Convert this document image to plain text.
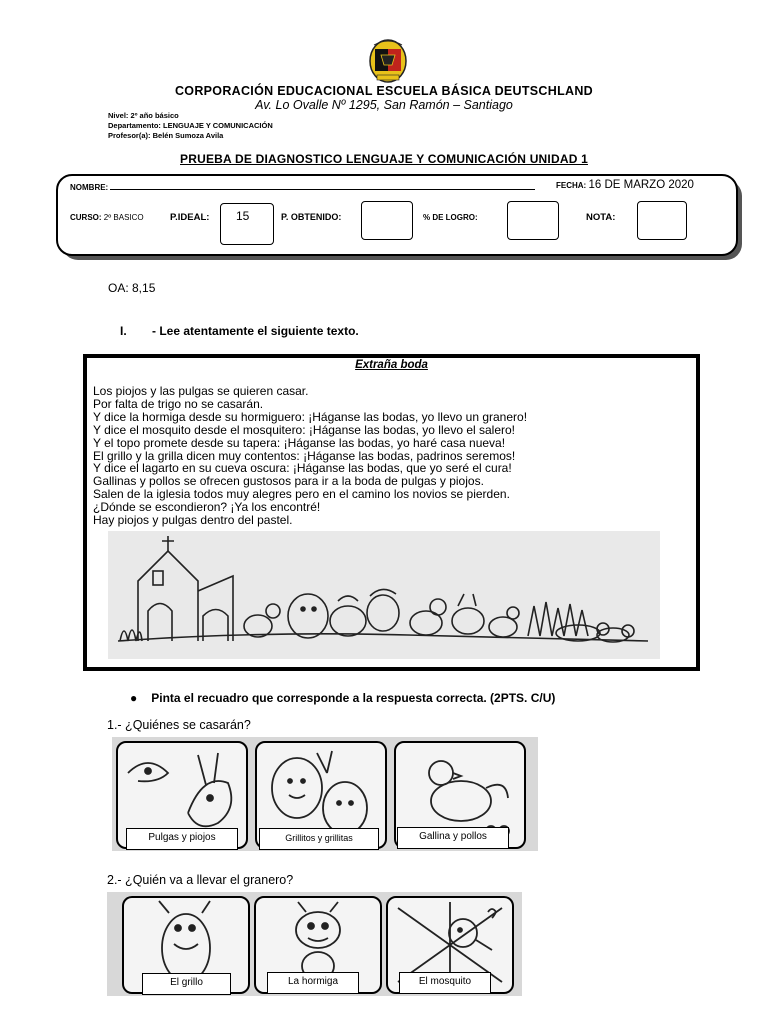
CORPORACIÓN EDUCACIONAL ESCUELA BÁSICA DEUTSCHLAND
Av. Lo Ovalle Nº 1295, San Ramón – Santiago
Nivel: 2º año básico
Departamento: LENGUAJE Y COMUNICACIÓN
Profesor(a): Belén Sumoza Avila
PRUEBA DE DIAGNOSTICO LENGUAJE Y COMUNICACIÓN UNIDAD 1
NOMBRE:	FECHA: 16 DE MARZO 2020
CURSO: 2º BASICO	P.IDEAL: 15	P. OBTENIDO:	% DE LOGRO:	NOTA:
OA: 8,15
I. - Lee atentamente el siguiente texto.
Extraña boda
Los piojos y las pulgas se quieren casar.
Por falta de trigo no se casarán.
Y dice la hormiga desde su hormiguero: ¡Háganse las bodas, yo llevo un granero!
Y dice el mosquito desde el mosquitero: ¡Háganse las bodas, yo llevo el salero!
Y el topo promete desde su tapera: ¡Háganse las bodas, yo haré casa nueva!
El grillo y la grilla dicen muy contentos: ¡Háganse las bodas, padrinos seremos!
Y dice el lagarto en su cueva oscura: ¡Háganse las bodas, que yo seré el cura!
Gallinas y pollos se ofrecen gustosos para ir a la boda de pulgas y piojos.
Salen de la iglesia todos muy alegres pero en el camino los novios se pierden.
¿Dónde se escondieron? ¡Ya los encontré!
Hay piojos y pulgas dentro del pastel.
● Pinta el recuadro que corresponde a la respuesta correcta. (2PTS. C/U)
1.- ¿Quiénes se casarán?
Pulgas y piojos	Grillitos y grillitas	Gallina y pollos
2.- ¿Quién va a llevar el granero?
El grillo	La hormiga	El mosquito
